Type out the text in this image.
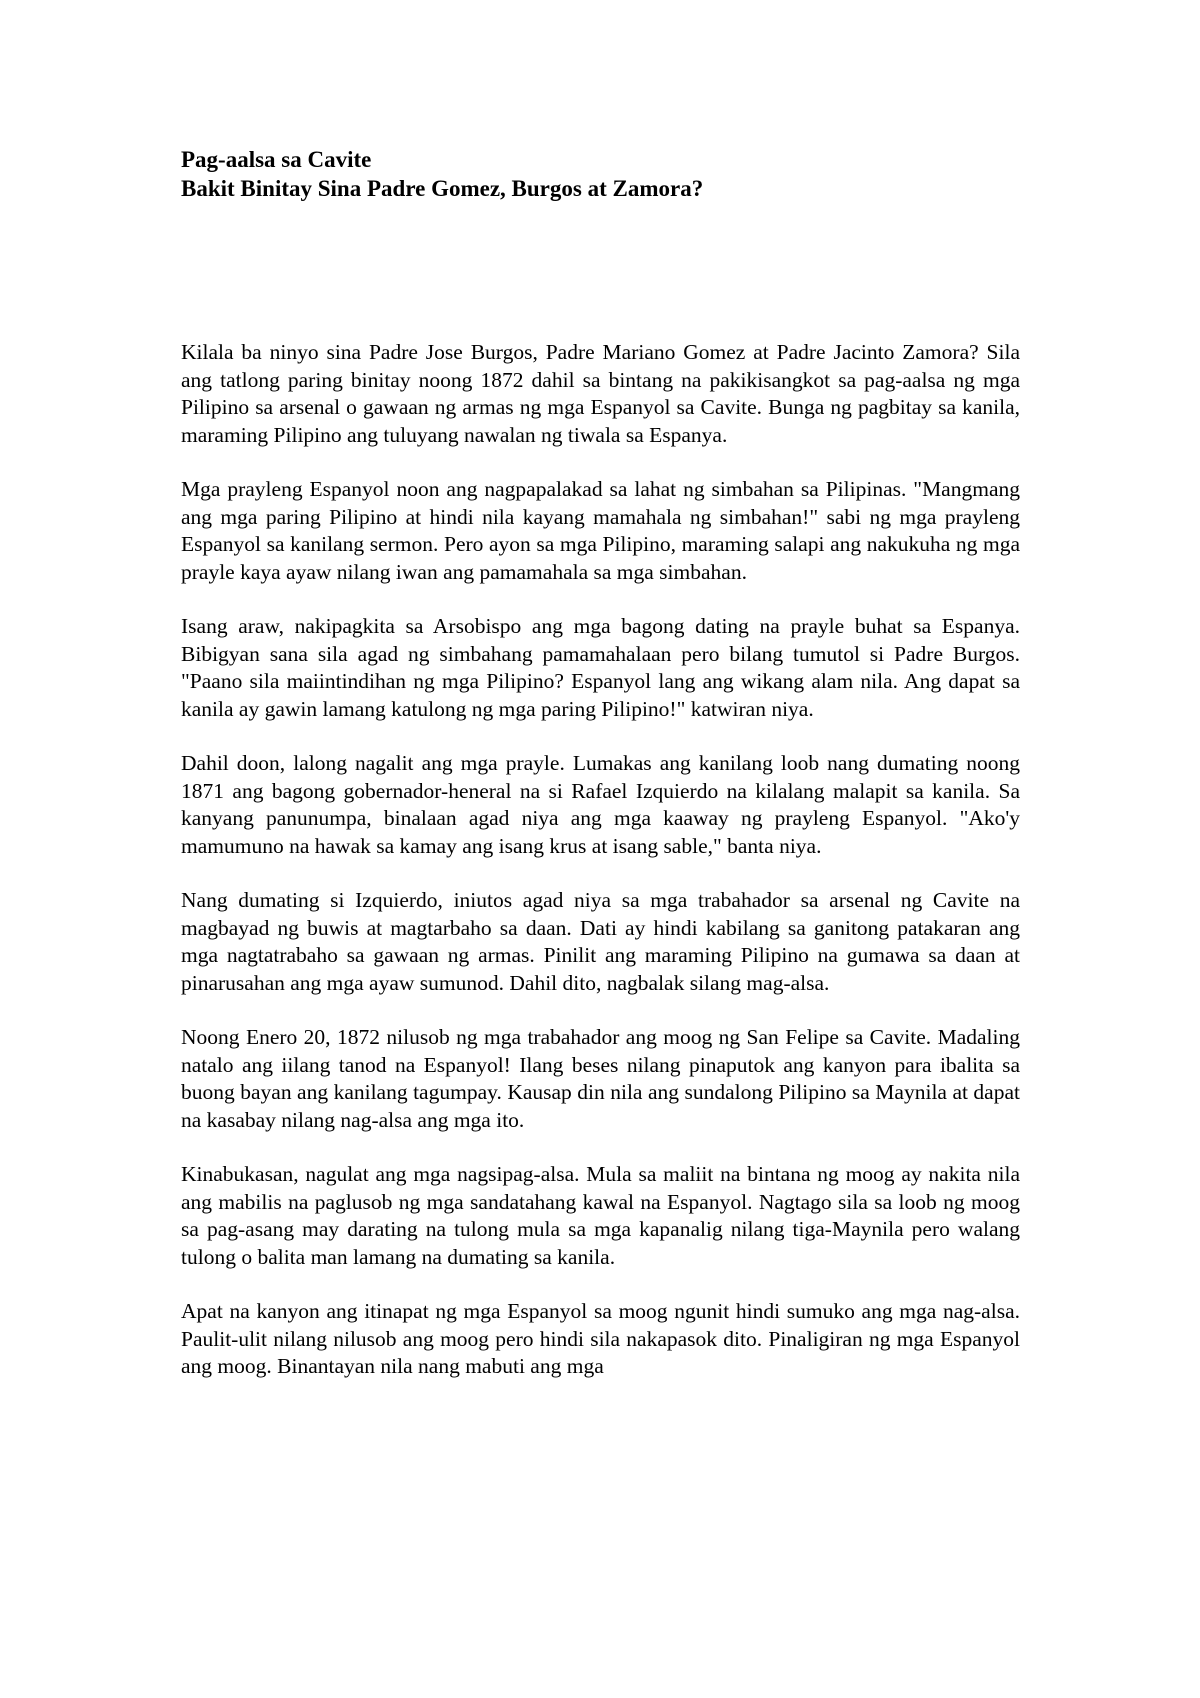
Pag-aalsa sa Cavite
Bakit Binitay Sina Padre Gomez, Burgos at Zamora?

Kilala ba ninyo sina Padre Jose Burgos, Padre Mariano Gomez at Padre Jacinto Zamora? Sila ang tatlong paring binitay noong 1872 dahil sa bintang na pakikisangkot sa pag-aalsa ng mga Pilipino sa arsenal o gawaan ng armas ng mga Espanyol sa Cavite. Bunga ng pagbitay sa kanila, maraming Pilipino ang tuluyang nawalan ng tiwala sa Espanya.

Mga prayleng Espanyol noon ang nagpapalakad sa lahat ng simbahan sa Pilipinas. "Mangmang ang mga paring Pilipino at hindi nila kayang mamahala ng simbahan!" sabi ng mga prayleng Espanyol sa kanilang sermon. Pero ayon sa mga Pilipino, maraming salapi ang nakukuha ng mga prayle kaya ayaw nilang iwan ang pamamahala sa mga simbahan.

Isang araw, nakipagkita sa Arsobispo ang mga bagong dating na prayle buhat sa Espanya. Bibigyan sana sila agad ng simbahang pamamahalaan pero bilang tumutol si Padre Burgos. "Paano sila maiintindihan ng mga Pilipino? Espanyol lang ang wikang alam nila. Ang dapat sa kanila ay gawin lamang katulong ng mga paring Pilipino!" katwiran niya.

Dahil doon, lalong nagalit ang mga prayle. Lumakas ang kanilang loob nang dumating noong 1871 ang bagong gobernador-heneral na si Rafael Izquierdo na kilalang malapit sa kanila. Sa kanyang panunumpa, binalaan agad niya ang mga kaaway ng prayleng Espanyol. "Ako'y mamumuno na hawak sa kamay ang isang krus at isang sable," banta niya.

Nang dumating si Izquierdo, iniutos agad niya sa mga trabahador sa arsenal ng Cavite na magbayad ng buwis at magtarbaho sa daan. Dati ay hindi kabilang sa ganitong patakaran ang mga nagtatrabaho sa gawaan ng armas. Pinilit ang maraming Pilipino na gumawa sa daan at pinarusahan ang mga ayaw sumunod. Dahil dito, nagbalak silang mag-alsa.

Noong Enero 20, 1872 nilusob ng mga trabahador ang moog ng San Felipe sa Cavite. Madaling natalo ang iilang tanod na Espanyol! Ilang beses nilang pinaputok ang kanyon para ibalita sa buong bayan ang kanilang tagumpay. Kausap din nila ang sundalong Pilipino sa Maynila at dapat na kasabay nilang nag-alsa ang mga ito.

Kinabukasan, nagulat ang mga nagsipag-alsa. Mula sa maliit na bintana ng moog ay nakita nila ang mabilis na paglusob ng mga sandatahang kawal na Espanyol. Nagtago sila sa loob ng moog sa pag-asang may darating na tulong mula sa mga kapanalig nilang tiga-Maynila pero walang tulong o balita man lamang na dumating sa kanila.

Apat na kanyon ang itinapat ng mga Espanyol sa moog ngunit hindi sumuko ang mga nag-alsa. Paulit-ulit nilang nilusob ang moog pero hindi sila nakapasok dito. Pinaligiran ng mga Espanyol ang moog. Binantayan nila nang mabuti ang mga
